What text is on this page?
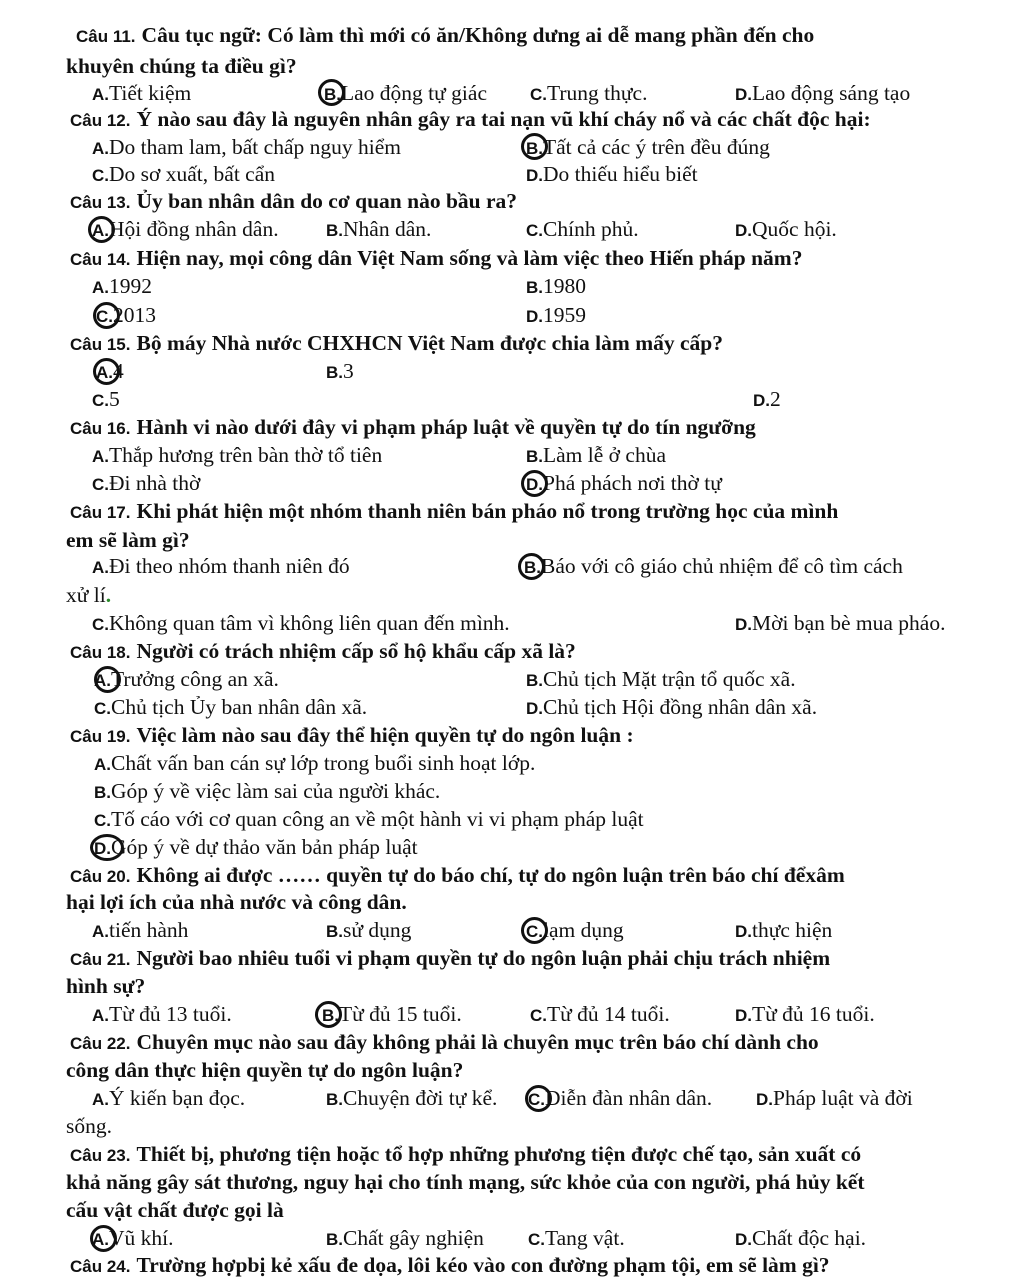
Câu 11. Câu tục ngữ: Có làm thì mới có ăn/Không dưng ai dễ mang phần đến cho
khuyên chúng ta điều gì?
A.Tiết kiệm	B.Lao động tự giác	C.Trung thực.	D.Lao động sáng tạo
Câu 12. Ý nào sau đây là nguyên nhân gây ra tai nạn vũ khí cháy nổ và các chất độc hại:
A.Do tham lam, bất chấp nguy hiểm	B.Tất cả các ý trên đều đúng
C.Do sơ xuất, bất cẩn	D.Do thiếu hiểu biết
Câu 13. Ủy ban nhân dân do cơ quan nào bầu ra?
A.Hội đồng nhân dân.	B.Nhân dân.	C.Chính phủ.	D.Quốc hội.
Câu 14. Hiện nay, mọi công dân Việt Nam sống và làm việc theo Hiến pháp năm?
A.1992	B.1980
C.2013	D.1959
Câu 15. Bộ máy Nhà nước CHXHCN Việt Nam được chia làm mấy cấp?
A.4	B.3
C.5	D.2
Câu 16. Hành vi nào dưới đây vi phạm pháp luật về quyền tự do tín ngưỡng
A.Thắp hương trên bàn thờ tổ tiên	B.Làm lễ ở chùa
C.Đi nhà thờ	D.Phá phách nơi thờ tự
Câu 17. Khi phát hiện một nhóm thanh niên bán pháo nổ trong trường học của mình
em sẽ làm gì?
A.Đi theo nhóm thanh niên đó	B.Báo với cô giáo chủ nhiệm để cô tìm cách
xử lí.
C.Không quan tâm vì không liên quan đến mình.	D.Mời bạn bè mua pháo.
Câu 18. Người có trách nhiệm cấp sổ hộ khẩu cấp xã là?
A.Trưởng công an xã.	B.Chủ tịch Mặt trận tổ quốc xã.
C.Chủ tịch Ủy ban nhân dân xã.	D.Chủ tịch Hội đồng nhân dân xã.
Câu 19. Việc làm nào sau đây thể hiện quyền tự do ngôn luận :
A.Chất vấn ban cán sự lớp trong buổi sinh hoạt lớp.
B.Góp ý về việc làm sai của người khác.
C.Tố cáo với cơ quan công an về một hành vi vi phạm pháp luật
D.Góp ý về dự thảo văn bản pháp luật
Câu 20. Không ai được …… quyền tự do báo chí, tự do ngôn luận trên báo chí đểxâm
hại lợi ích của nhà nước và công dân.
A.tiến hành	B.sử dụng	C.lạm dụng	D.thực hiện
Câu 21. Người bao nhiêu tuổi vi phạm quyền tự do ngôn luận phải chịu trách nhiệm
hình sự?
A.Từ đủ 13 tuổi.	B.Từ đủ 15 tuổi.	C.Từ đủ 14 tuổi.	D.Từ đủ 16 tuổi.
Câu 22. Chuyên mục nào sau đây không phải là chuyên mục trên báo chí dành cho
công dân thực hiện quyền tự do ngôn luận?
A.Ý kiến bạn đọc.	B.Chuyện đời tự kể. C.Diễn đàn nhân dân.	D.Pháp luật và đời
sống.
Câu 23. Thiết bị, phương tiện hoặc tổ hợp những phương tiện được chế tạo, sản xuất có
khả năng gây sát thương, nguy hại cho tính mạng, sức khỏe của con người, phá hủy kết
cấu vật chất được gọi là
A.Vũ khí.	B.Chất gây nghiện	C.Tang vật.	D.Chất độc hại.
Câu 24. Trường hợpbị kẻ xấu đe dọa, lôi kéo vào con đường phạm tội, em sẽ làm gì?
